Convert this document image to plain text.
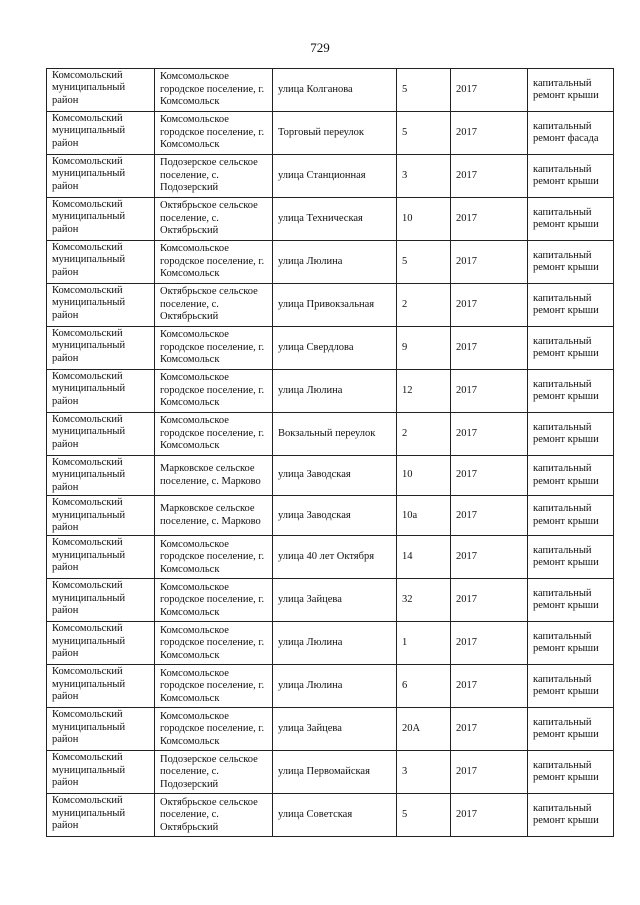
729
Комсомольский муниципальный район	Комсомольское городское поселение, г. Комсомольск	улица Колганова	5	2017	капитальный ремонт крыши
Комсомольский муниципальный район	Комсомольское городское поселение, г. Комсомольск	Торговый переулок	5	2017	капитальный ремонт фасада
Комсомольский муниципальный район	Подозерское сельское поселение, с. Подозерский	улица Станционная	3	2017	капитальный ремонт крыши
Комсомольский муниципальный район	Октябрьское сельское поселение, с. Октябрьский	улица Техническая	10	2017	капитальный ремонт крыши
Комсомольский муниципальный район	Комсомольское городское поселение, г. Комсомольск	улица Люлина	5	2017	капитальный ремонт крыши
Комсомольский муниципальный район	Октябрьское сельское поселение, с. Октябрьский	улица Привокзальная	2	2017	капитальный ремонт крыши
Комсомольский муниципальный район	Комсомольское городское поселение, г. Комсомольск	улица Свердлова	9	2017	капитальный ремонт крыши
Комсомольский муниципальный район	Комсомольское городское поселение, г. Комсомольск	улица Люлина	12	2017	капитальный ремонт крыши
Комсомольский муниципальный район	Комсомольское городское поселение, г. Комсомольск	Вокзальный переулок	2	2017	капитальный ремонт крыши
Комсомольский муниципальный район	Марковское сельское поселение, с. Марково	улица Заводская	10	2017	капитальный ремонт крыши
Комсомольский муниципальный район	Марковское сельское поселение, с. Марково	улица Заводская	10а	2017	капитальный ремонт крыши
Комсомольский муниципальный район	Комсомольское городское поселение, г. Комсомольск	улица 40 лет Октября	14	2017	капитальный ремонт крыши
Комсомольский муниципальный район	Комсомольское городское поселение, г. Комсомольск	улица Зайцева	32	2017	капитальный ремонт крыши
Комсомольский муниципальный район	Комсомольское городское поселение, г. Комсомольск	улица Люлина	1	2017	капитальный ремонт крыши
Комсомольский муниципальный район	Комсомольское городское поселение, г. Комсомольск	улица Люлина	6	2017	капитальный ремонт крыши
Комсомольский муниципальный район	Комсомольское городское поселение, г. Комсомольск	улица Зайцева	20А	2017	капитальный ремонт крыши
Комсомольский муниципальный район	Подозерское сельское поселение, с. Подозерский	улица Первомайская	3	2017	капитальный ремонт крыши
Комсомольский муниципальный район	Октябрьское сельское поселение, с. Октябрьский	улица Советская	5	2017	капитальный ремонт крыши
